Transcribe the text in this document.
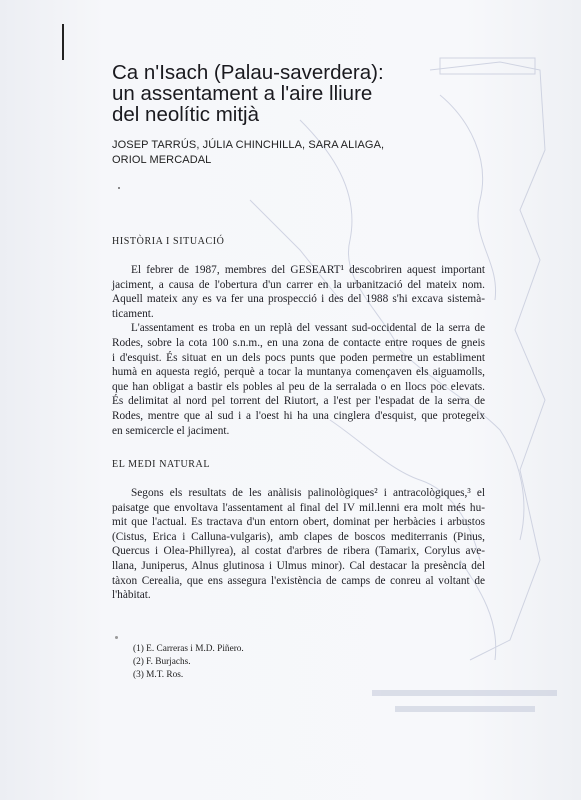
Ca n'Isach (Palau-saverdera):
un assentament a l'aire lliure
del neolític mitjà
JOSEP TARRÚS, JÚLIA CHINCHILLA, SARA ALIAGA,
ORIOL MERCADAL
HISTÒRIA I SITUACIÓ
El febrer de 1987, membres del GESEART¹ descobriren aquest important
jaciment, a causa de l'obertura d'un carrer en la urbanització del mateix nom.
Aquell mateix any es va fer una prospecció i des del 1988 s'hi excava sistemà-
ticament.
L'assentament es troba en un replà del vessant sud-occidental de la serra de
Rodes, sobre la cota 100 s.n.m., en una zona de contacte entre roques de gneis
i d'esquist. És situat en un dels pocs punts que poden permetre un establiment
humà en aquesta regió, perquè a tocar la muntanya començaven els aiguamolls,
que han obligat a bastir els pobles al peu de la serralada o en llocs poc elevats.
És delimitat al nord pel torrent del Riutort, a l'est per l'espadat de la serra de
Rodes, mentre que al sud i a l'oest hi ha una cinglera d'esquist, que protegeix
en semicercle el jaciment.
EL MEDI NATURAL
Segons els resultats de les anàlisis palinològiques² i antracològiques,³ el
paisatge que envoltava l'assentament al final del IV mil.lenni era molt més hu-
mit que l'actual. Es tractava d'un entorn obert, dominat per herbàcies i arbustos
(Cistus, Erica i Calluna-vulgaris), amb clapes de boscos mediterranis (Pinus,
Quercus i Olea-Phillyrea), al costat d'arbres de ribera (Tamarix, Corylus ave-
llana, Juniperus, Alnus glutinosa i Ulmus minor). Cal destacar la presència del
tàxon Cerealia, que ens assegura l'existència de camps de conreu al voltant de
l'hàbitat.
(1) E. Carreras i M.D. Piñero.
(2) F. Burjachs.
(3) M.T. Ros.
